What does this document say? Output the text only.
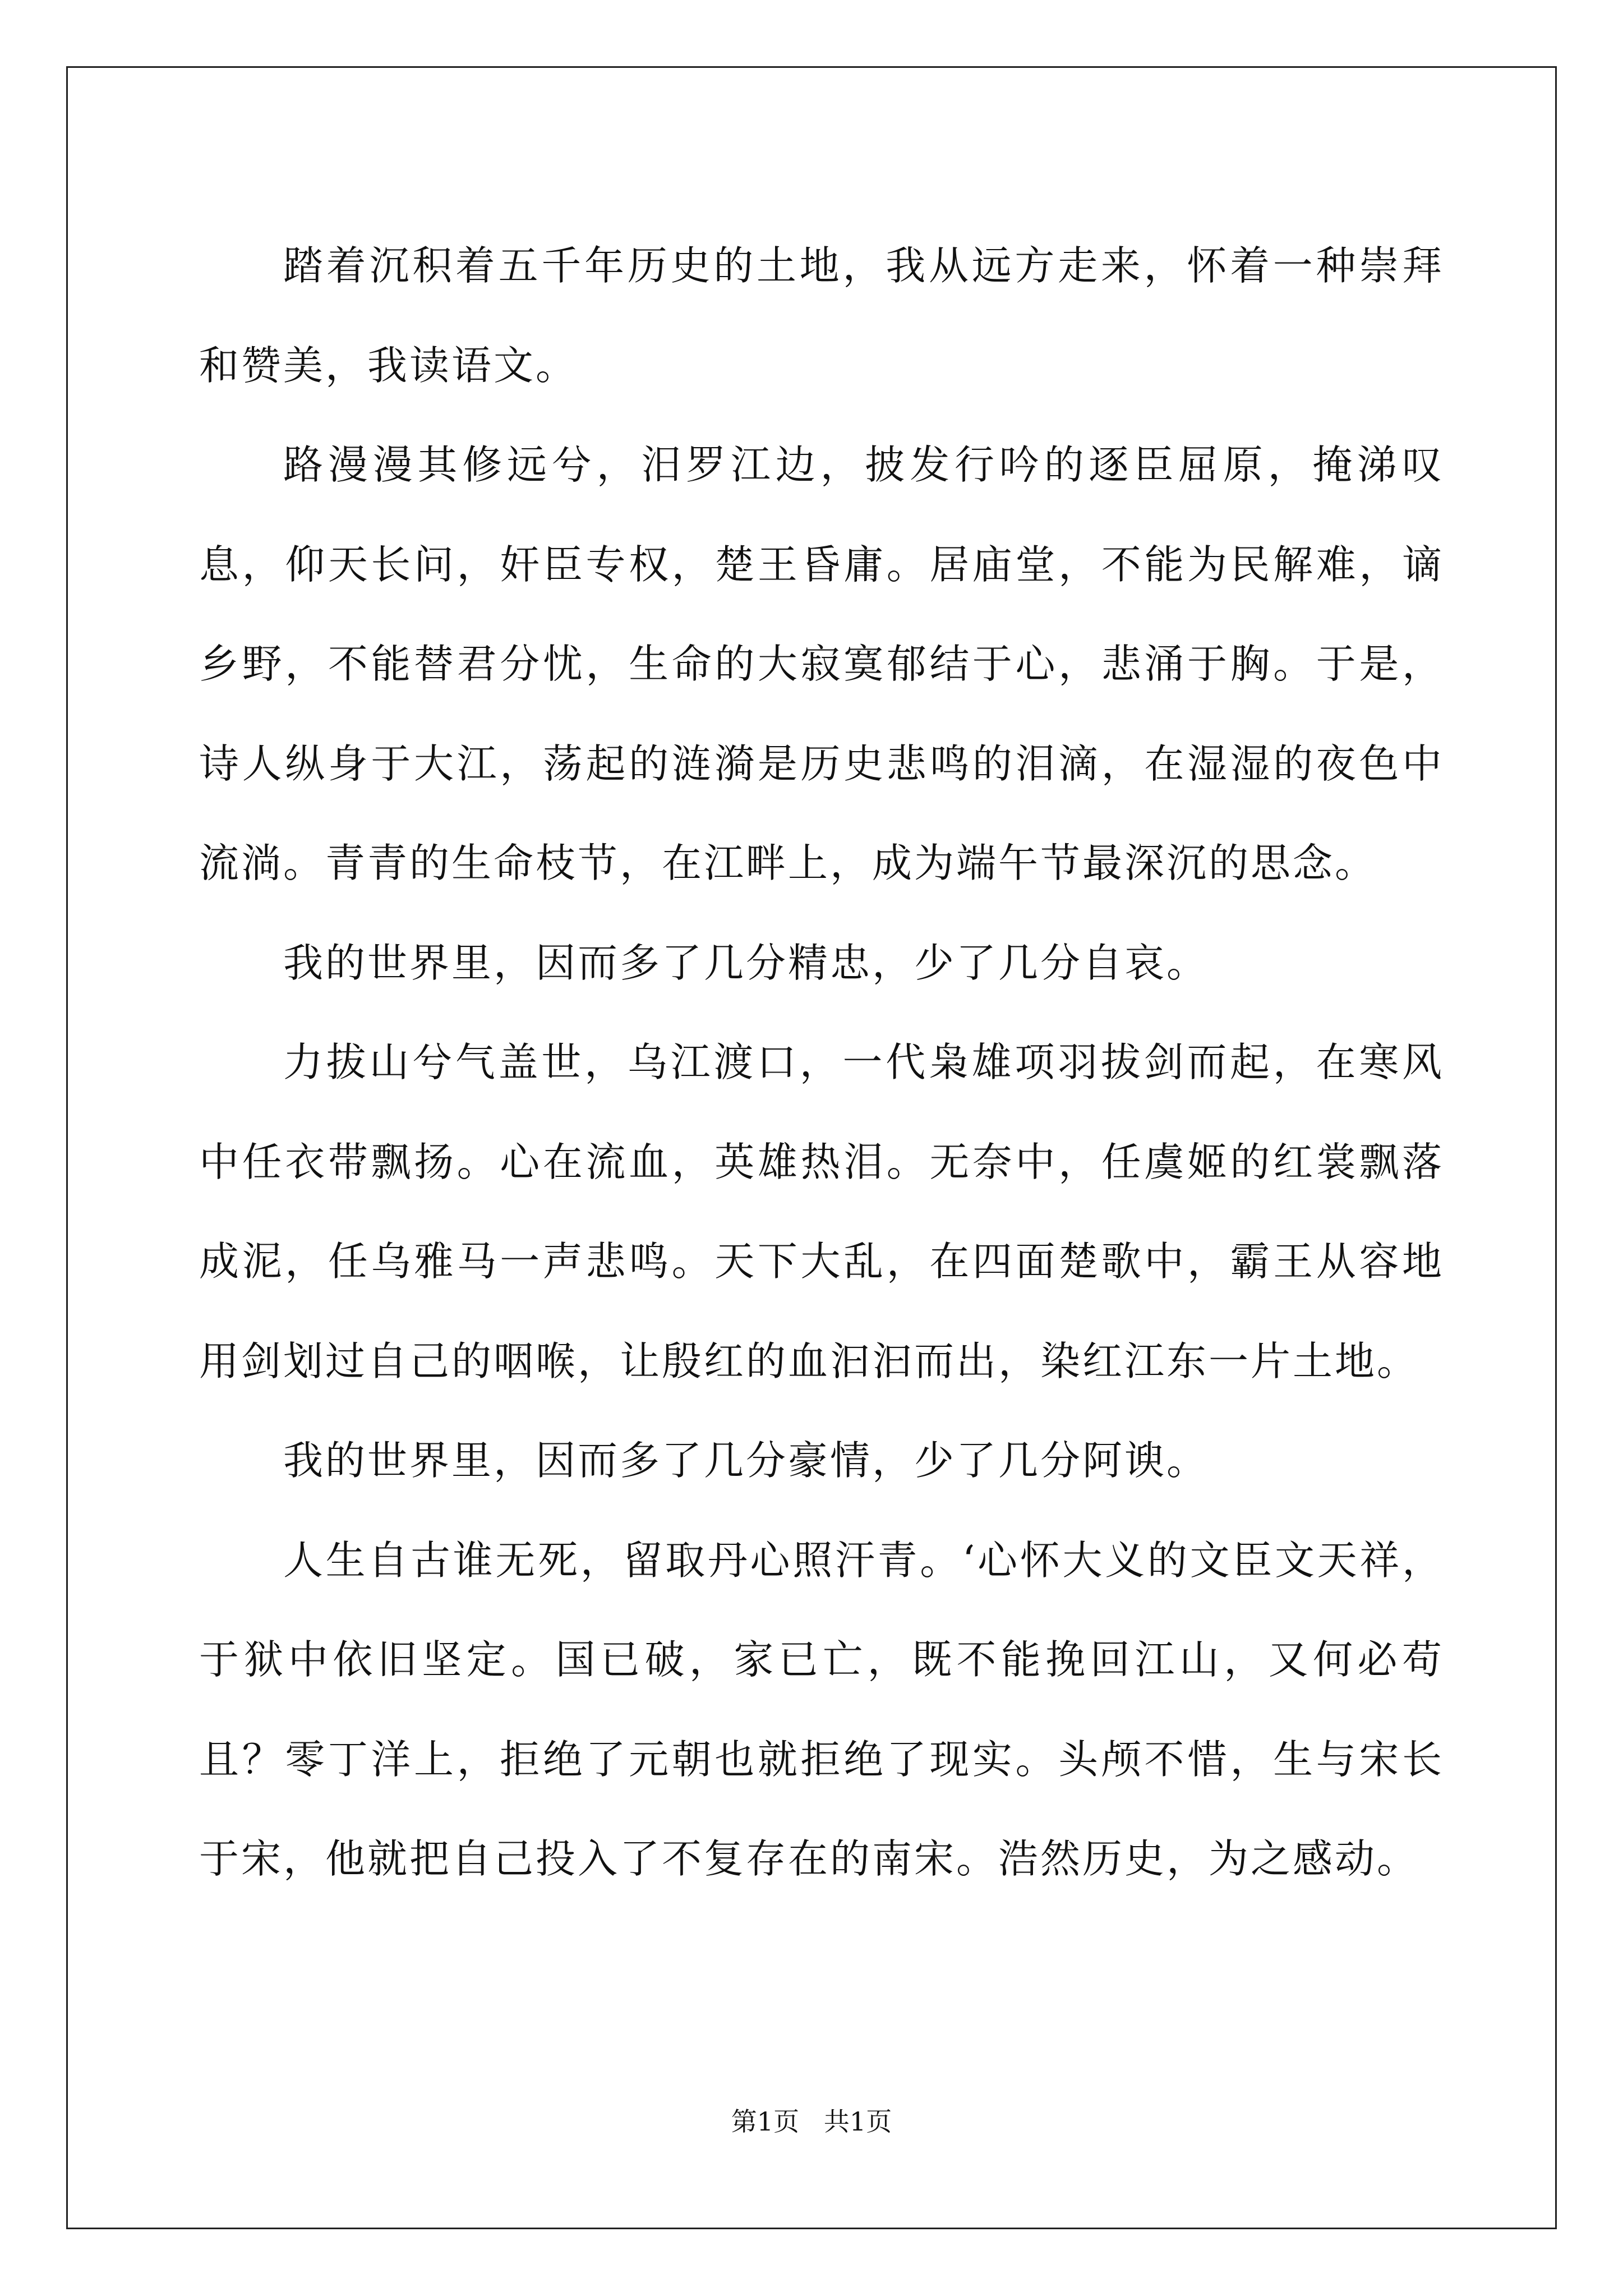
踏着沉积着五千年历史的土地，我从远方走来，怀着一种崇拜和赞美，我读语文。

路漫漫其修远兮，汨罗江边，披发行吟的逐臣屈原，掩涕叹息，仰天长问，奸臣专权，楚王昏庸。居庙堂，不能为民解难，谪乡野，不能替君分忧，生命的大寂寞郁结于心，悲涌于胸。于是，诗人纵身于大江，荡起的涟漪是历史悲鸣的泪滴，在湿湿的夜色中流淌。青青的生命枝节，在江畔上，成为端午节最深沉的思念。

我的世界里，因而多了几分精忠，少了几分自哀。

力拔山兮气盖世，乌江渡口，一代枭雄项羽拔剑而起，在寒风中任衣带飘扬。心在流血，英雄热泪。无奈中，任虞姬的红裳飘落成泥，任乌雅马一声悲鸣。天下大乱，在四面楚歌中，霸王从容地用剑划过自己的咽喉，让殷红的血汩汩而出，染红江东一片土地。

我的世界里，因而多了几分豪情，少了几分阿谀。

人生自古谁无死，留取丹心照汗青。‘心怀大义的文臣文天祥，于狱中依旧坚定。国已破，家已亡，既不能挽回江山，又何必苟且？零丁洋上，拒绝了元朝也就拒绝了现实。头颅不惜，生与宋长于宋，他就把自己投入了不复存在的南宋。浩然历史，为之感动。

第1页   共1页
